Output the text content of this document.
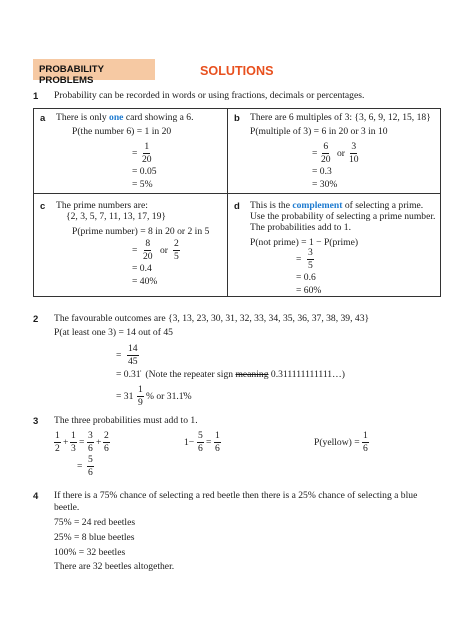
PROBABILITY PROBLEMS
SOLUTIONS
1 Probability can be recorded in words or using fractions, decimals or percentages.
a There is only one card showing a 6.
P(the number 6) = 1 in 20
= $\frac{1}{20}$
= 0.05
= 5%
b There are 6 multiples of 3: {3, 6, 9, 12, 15, 18}
P(multiple of 3) = 6 in 20 or 3 in 10
= $\frac{6}{20}$ or $\frac{3}{10}$
= 0.3
= 30%
c The prime numbers are:
{2, 3, 5, 7, 11, 13, 17, 19}
P(prime number) = 8 in 20 or 2 in 5
= $\frac{8}{20}$ or $\frac{2}{5}$
= 0.4
= 40%
d This is the complement of selecting a prime.
Use the probability of selecting a prime number.
The probabilities add to 1.
P(not prime) = 1 − P(prime)
= $\frac{3}{5}$
= 0.6
= 60%
2 The favourable outcomes are {3, 13, 23, 30, 31, 32, 33, 34, 35, 36, 37, 38, 39, 43}
P(at least one 3) = 14 out of 45
= $\frac{14}{45}$
= 0.31̇ (Note the repeater sign meaning 0.311111111111…)
= $31 \frac{1}{9}$ % or 31.1̇%
3 The three probabilities must add to 1.
$\frac{1}{2} + \frac{1}{3} = \frac{3}{6} + \frac{2}{6}$
= $\frac{5}{6}$
$1- \frac{5}{6} = \frac{1}{6}$	P(yellow) = $\frac{1}{6}$
4 If there is a 75% chance of selecting a red beetle then there is a 25% chance of selecting a blue
beetle.
75% = 24 red beetles
25% = 8 blue beetles
100% = 32 beetles
There are 32 beetles altogether.
